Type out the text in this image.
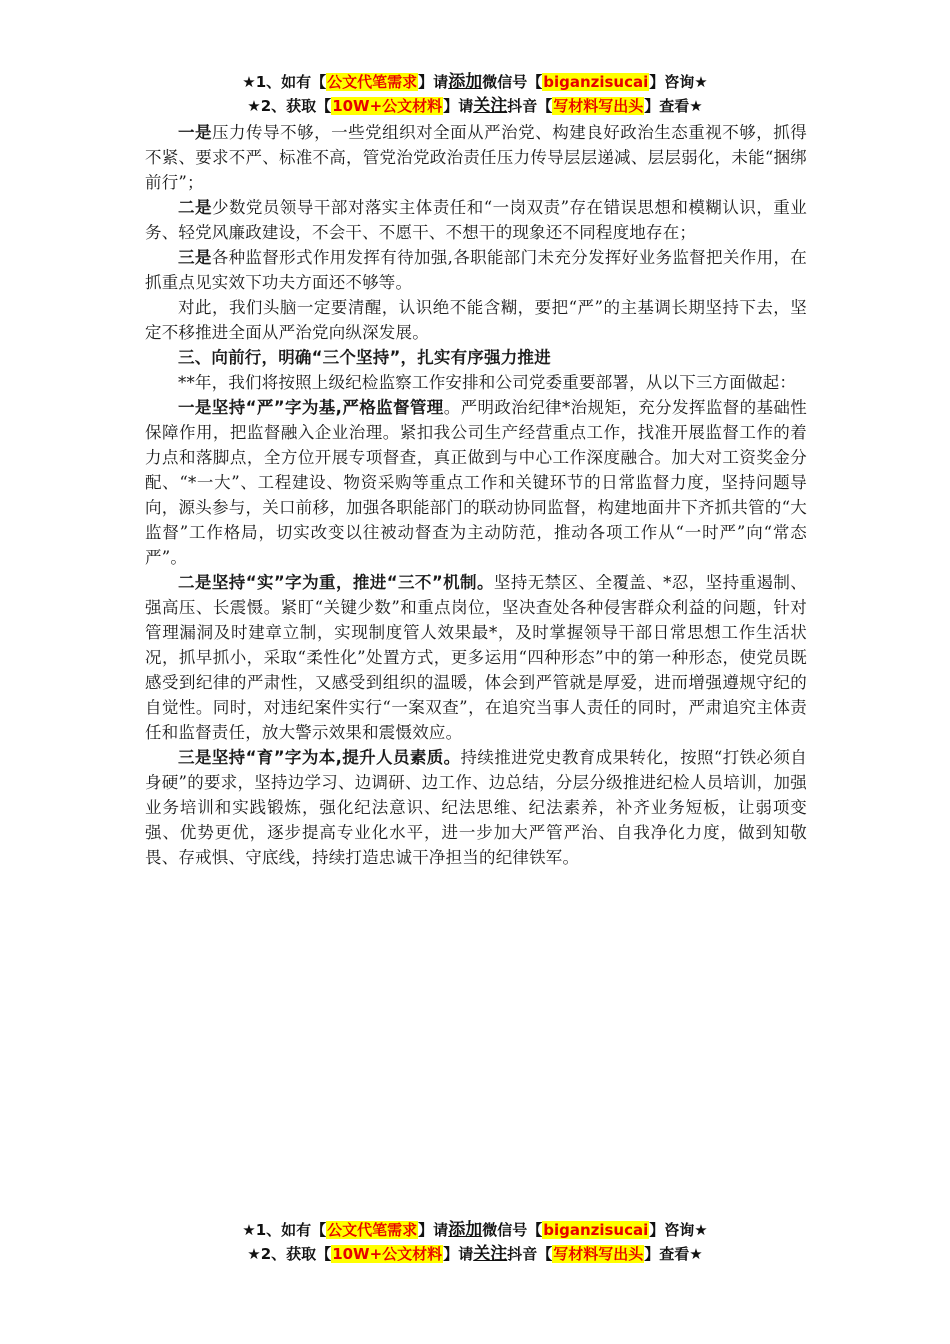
★1、如有【公文代笔需求】请添加微信号【biganzisucai】咨询★
★2、获取【10W+公文材料】请关注抖音【写材料写出头】查看★

一是压力传导不够，一些党组织对全面从严治党、构建良好政治生态重视不够，抓得不紧、要求不严、标准不高，管党治党政治责任压力传导层层递减、层层弱化，未能“捆绑前行”；

二是少数党员领导干部对落实主体责任和“一岗双责”存在错误思想和模糊认识，重业务、轻党风廉政建设，不会干、不愿干、不想干的现象还不同程度地存在；

三是各种监督形式作用发挥有待加强,各职能部门未充分发挥好业务监督把关作用，在抓重点见实效下功夫方面还不够等。

对此，我们头脑一定要清醒，认识绝不能含糊，要把“严”的主基调长期坚持下去，坚定不移推进全面从严治党向纵深发展。

三、向前行，明确“三个坚持”，扎实有序强力推进

**年，我们将按照上级纪检监察工作安排和公司党委重要部署，从以下三方面做起：

一是坚持“严”字为基,严格监督管理。严明政治纪律*治规矩，充分发挥监督的基础性保障作用，把监督融入企业治理。紧扣我公司生产经营重点工作，找准开展监督工作的着力点和落脚点，全方位开展专项督查，真正做到与中心工作深度融合。加大对工资奖金分配、“*一大”、工程建设、物资采购等重点工作和关键环节的日常监督力度，坚持问题导向，源头参与，关口前移，加强各职能部门的联动协同监督，构建地面井下齐抓共管的“大监督”工作格局，切实改变以往被动督查为主动防范，推动各项工作从“一时严”向“常态严”。

二是坚持“实”字为重，推进“三不”机制。坚持无禁区、全覆盖、*忍，坚持重遏制、强高压、长震慑。紧盯“关键少数”和重点岗位，坚决查处各种侵害群众利益的问题，针对管理漏洞及时建章立制，实现制度管人效果最*，及时掌握领导干部日常思想工作生活状况，抓早抓小，采取“柔性化”处置方式，更多运用“四种形态”中的第一种形态，使党员既感受到纪律的严肃性，又感受到组织的温暖，体会到严管就是厚爱，进而增强遵规守纪的自觉性。同时，对违纪案件实行“一案双查”，在追究当事人责任的同时，严肃追究主体责任和监督责任，放大警示效果和震慑效应。

三是坚持“育”字为本,提升人员素质。持续推进党史教育成果转化，按照“打铁必须自身硬”的要求，坚持边学习、边调研、边工作、边总结，分层分级推进纪检人员培训，加强业务培训和实践锻炼，强化纪法意识、纪法思维、纪法素养，补齐业务短板，让弱项变强、优势更优，逐步提高专业化水平，进一步加大严管严治、自我净化力度，做到知敬畏、存戒惧、守底线，持续打造忠诚干净担当的纪律铁军。

★1、如有【公文代笔需求】请添加微信号【biganzisucai】咨询★
★2、获取【10W+公文材料】请关注抖音【写材料写出头】查看★
